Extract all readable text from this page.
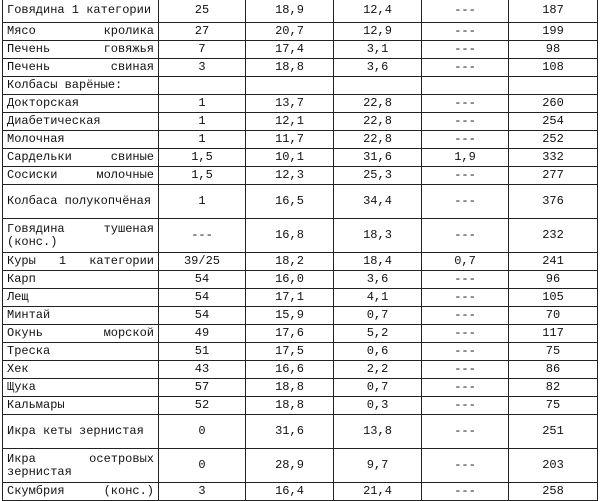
Говядина 1 категории	25	18,9	12,4	---	187
Мясо кролика	27	20,7	12,9	---	199
Печень говяжья	7	17,4	3,1	---	98
Печень свиная	3	18,8	3,6	---	108
Колбасы варёные:					
Докторская	1	13,7	22,8	---	260
Диабетическая	1	12,1	22,8	---	254
Молочная	1	11,7	22,8	---	252
Сардельки свиные	1,5	10,1	31,6	1,9	332
Сосиски молочные	1,5	12,3	25,3	---	277
Колбаса полукопчёная	1	16,5	34,4	---	376
Говядина тушеная (конс.)	---	16,8	18,3	---	232
Куры 1 категории	39/25	18,2	18,4	0,7	241
Карп	54	16,0	3,6	---	96
Лещ	54	17,1	4,1	---	105
Минтай	54	15,9	0,7	---	70
Окунь морской	49	17,6	5,2	---	117
Треска	51	17,5	0,6	---	75
Хек	43	16,6	2,2	---	86
Щука	57	18,8	0,7	---	82
Кальмары	52	18,8	0,3	---	75
Икра кеты зернистая	0	31,6	13,8	---	251
Икра осетровых зернистая	0	28,9	9,7	---	203
Скумбрия (конс.)	3	16,4	21,4	---	258
